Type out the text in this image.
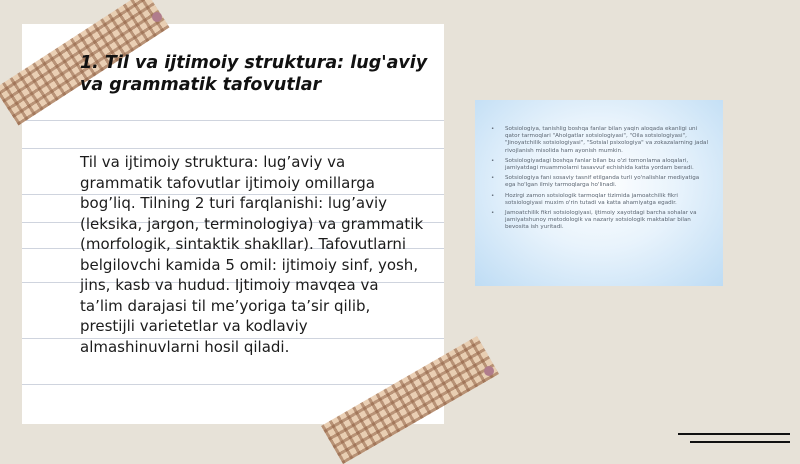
1. Til va ijtimoiy struktura: lug'aviy va grammatik tafovutlar

Til va ijtimoiy struktura: lug’aviy va grammatik tafovutlar ijtimoiy omillarga bog’liq. Tilning 2 turi farqlanishi: lug’aviy (leksika, jargon, terminologiya) va grammatik (morfologik, sintaktik shakllar). Tafovutlarni belgilovchi kamida 5 omil: ijtimoiy sinf, yosh, jins, kasb va hudud. Ijtimoiy mavqea va ta’lim darajasi til me’yoriga ta’sir qilib, prestijli varietetlar va kodlaviy almashinuvlarni hosil qiladi.

• Sotsiologiya, tanishlig boshqa fanlar bilan yaqin aloqada ekanligi uni qator tarmoqlari "Aholgatlar sotsiologiyasi", "Oila sotsiologiyasi", "Jinoyatchilik sotsiologiyasi", "Sotsial psixologiya" va zokazalarning jadal rivojlanish misolida ham ayonish mumkin.
• Sotsiologiyadagi boshqa fanlar bilan bu o'zi tomonlama aloqalari, jamiyatdagi muammolarni tasavvuf echishida katta yordam beradi.
• Sotsiologiya fani sosaviy tasnif etilganda turli yo'nalishlar mediyatiga ega ho'lgan ilmiy tarmoqlarga ho'linadi.
• Hozirgi zamon sotsiologik tarmoqlar tizimida jamoatchilik fikri sotsiologiyasi muxim o'rin tutadi va katta ahamiyatga egadir.
• Jamoatchilik fikri sotsiologiyasi, ijtimoiy xayotdagi barcha sohalar va jamiyatshunoy metodologik va nazariy sotsiologik maktablar bilan bevosita ish yuritadi.
